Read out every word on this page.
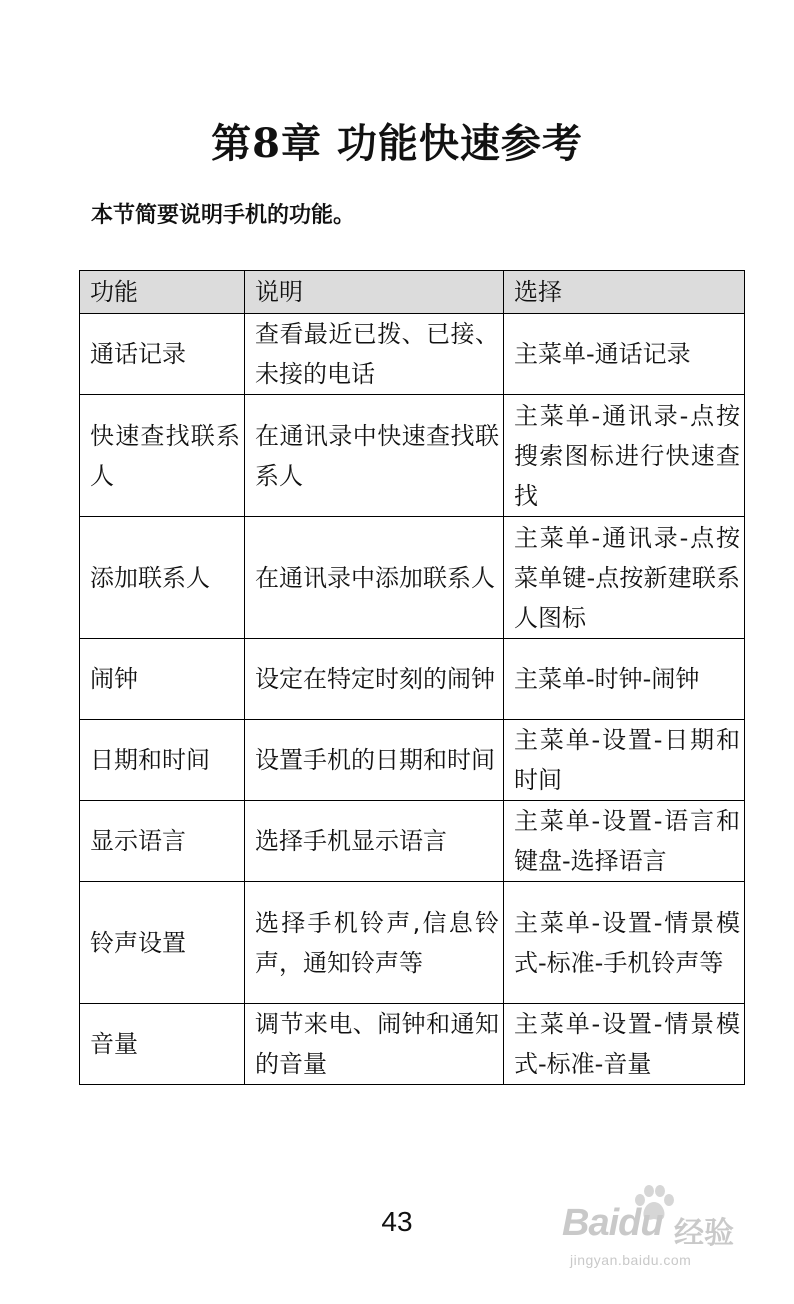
第8章 功能快速参考
本节简要说明手机的功能。
功能	说明	选择
通话记录	查看最近已拨、已接、未接的电话	主菜单-通话记录
快速查找联系人	在通讯录中快速查找联系人	主菜单-通讯录-点按搜索图标进行快速查找
添加联系人	在通讯录中添加联系人	主菜单-通讯录-点按菜单键-点按新建联系人图标
闹钟	设定在特定时刻的闹钟	主菜单-时钟-闹钟
日期和时间	设置手机的日期和时间	主菜单-设置-日期和时间
显示语言	选择手机显示语言	主菜单-设置-语言和键盘-选择语言
铃声设置	选择手机铃声,信息铃声，通知铃声等	主菜单-设置-情景模式-标准-手机铃声等
音量	调节来电、闹钟和通知的音量	主菜单-设置-情景模式-标准-音量
43	Baidu 经验
jingyan.baidu.com
